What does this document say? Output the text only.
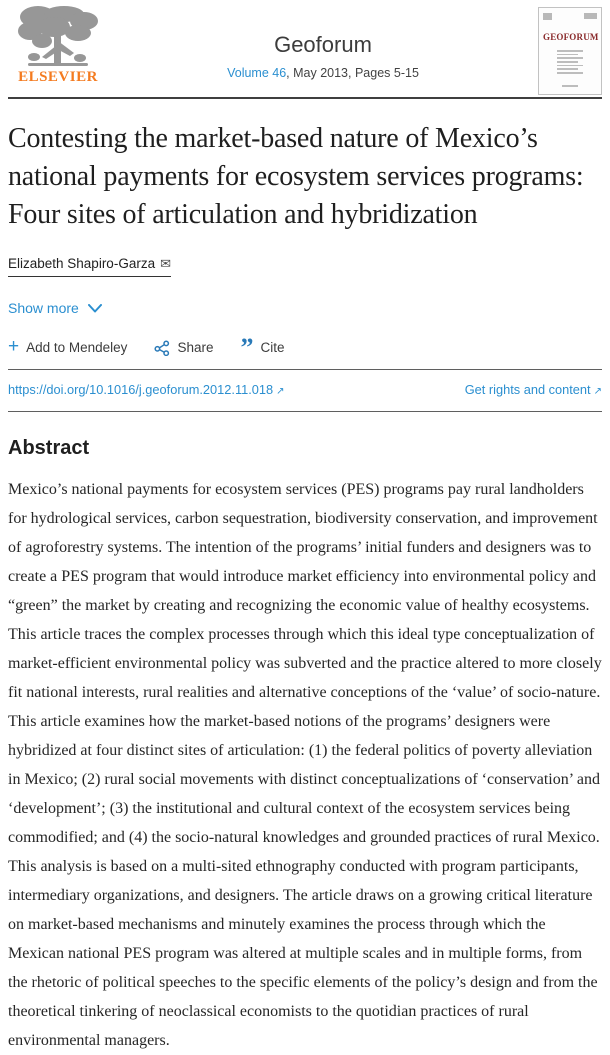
ELSEVIER
Geoforum
Volume 46, May 2013, Pages 5-15
GEOFORUM
Contesting the market-based nature of Mexico’s national payments for ecosystem services programs: Four sites of articulation and hybridization
Elizabeth Shapiro-Garza ✉
Show more
+ Add to Mendeley	Share ” Cite
https://doi.org/10.1016/j.geoforum.2012.11.018 ↗	Get rights and content ↗
Abstract

Mexico’s national payments for ecosystem services (PES) programs pay rural landholders for hydrological services, carbon sequestration, biodiversity conservation, and improvement of agroforestry systems. The intention of the programs’ initial funders and designers was to create a PES program that would introduce market efficiency into environmental policy and “green” the market by creating and recognizing the economic value of healthy ecosystems. This article traces the complex processes through which this ideal type conceptualization of market-efficient environmental policy was subverted and the practice altered to more closely fit national interests, rural realities and alternative conceptions of the ‘value’ of socio-nature. This article examines how the market-based notions of the programs’ designers were hybridized at four distinct sites of articulation: (1) the federal politics of poverty alleviation in Mexico; (2) rural social movements with distinct conceptualizations of ‘conservation’ and ‘development’; (3) the institutional and cultural context of the ecosystem services being commodified; and (4) the socio-natural knowledges and grounded practices of rural Mexico. This analysis is based on a multi-sited ethnography conducted with program participants, intermediary organizations, and designers. The article draws on a growing critical literature on market-based mechanisms and minutely examines the process through which the Mexican national PES program was altered at multiple scales and in multiple forms, from the rhetoric of political speeches to the specific elements of the policy’s design and from the theoretical tinkering of neoclassical economists to the quotidian practices of rural environmental managers.
